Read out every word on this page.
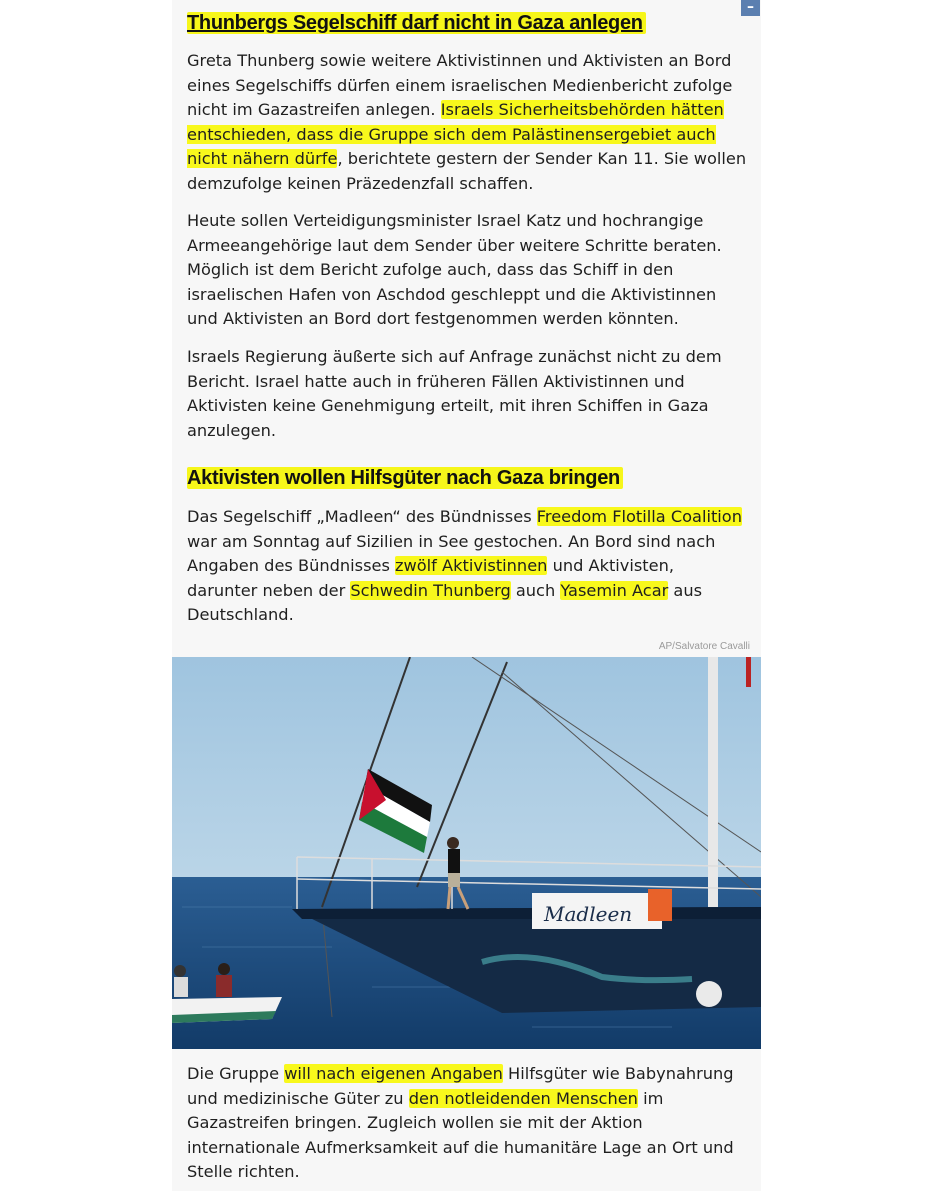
Thunbergs Segelschiff darf nicht in Gaza anlegen

Greta Thunberg sowie weitere Aktivistinnen und Aktivisten an Bord eines Segelschiffs dürfen einem israelischen Medienbericht zufolge nicht im Gazastreifen anlegen. Israels Sicherheitsbehörden hätten entschieden, dass die Gruppe sich dem Palästinensergebiet auch nicht nähern dürfe, berichtete gestern der Sender Kan 11. Sie wollen demzufolge keinen Präzedenzfall schaffen.

Heute sollen Verteidigungsminister Israel Katz und hochrangige Armeeangehörige laut dem Sender über weitere Schritte beraten. Möglich ist dem Bericht zufolge auch, dass das Schiff in den israelischen Hafen von Aschdod geschleppt und die Aktivistinnen und Aktivisten an Bord dort festgenommen werden könnten.

Israels Regierung äußerte sich auf Anfrage zunächst nicht zu dem Bericht. Israel hatte auch in früheren Fällen Aktivistinnen und Aktivisten keine Genehmigung erteilt, mit ihren Schiffen in Gaza anzulegen.

Aktivisten wollen Hilfsgüter nach Gaza bringen

Das Segelschiff „Madleen“ des Bündnisses Freedom Flotilla Coalition war am Sonntag auf Sizilien in See gestochen. An Bord sind nach Angaben des Bündnisses zwölf Aktivistinnen und Aktivisten, darunter neben der Schwedin Thunberg auch Yasemin Acar aus Deutschland.

AP/Salvatore Cavalli
Madleen

Die Gruppe will nach eigenen Angaben Hilfsgüter wie Babynahrung und medizinische Güter zu den notleidenden Menschen im Gazastreifen bringen. Zugleich wollen sie mit der Aktion internationale Aufmerksamkeit auf die humanitäre Lage an Ort und Stelle richten.

–
